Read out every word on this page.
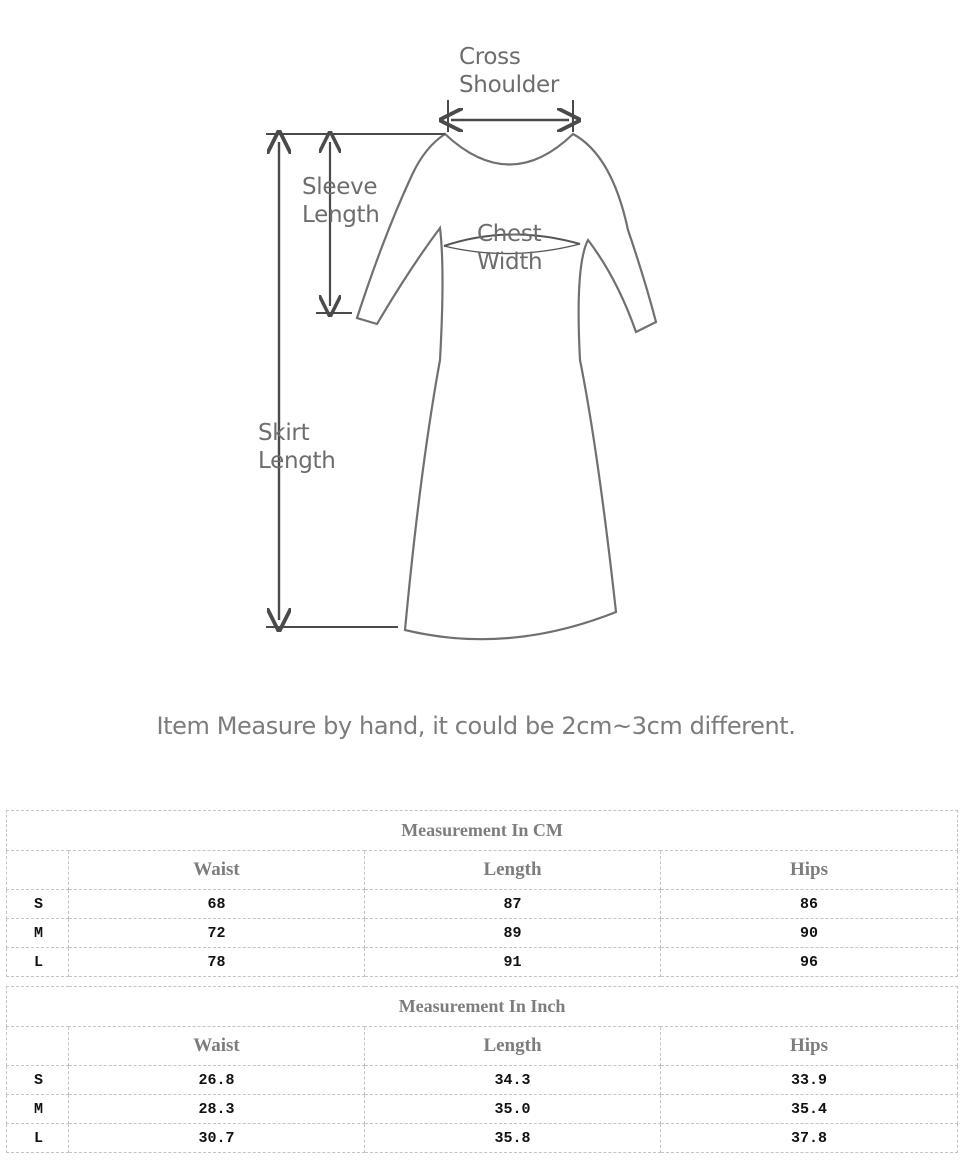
Cross
Shoulder
Sleeve
Length
Chest
Width
Skirt
Length
Item Measure by hand, it could be 2cm~3cm different.
Measurement In CM			
	Waist	Length	Hips
S	68	87	86
M	72	89	90
L	78	91	96
Measurement In Inch			
	Waist	Length	Hips
S	26.8	34.3	33.9
M	28.3	35.0	35.4
L	30.7	35.8	37.8
